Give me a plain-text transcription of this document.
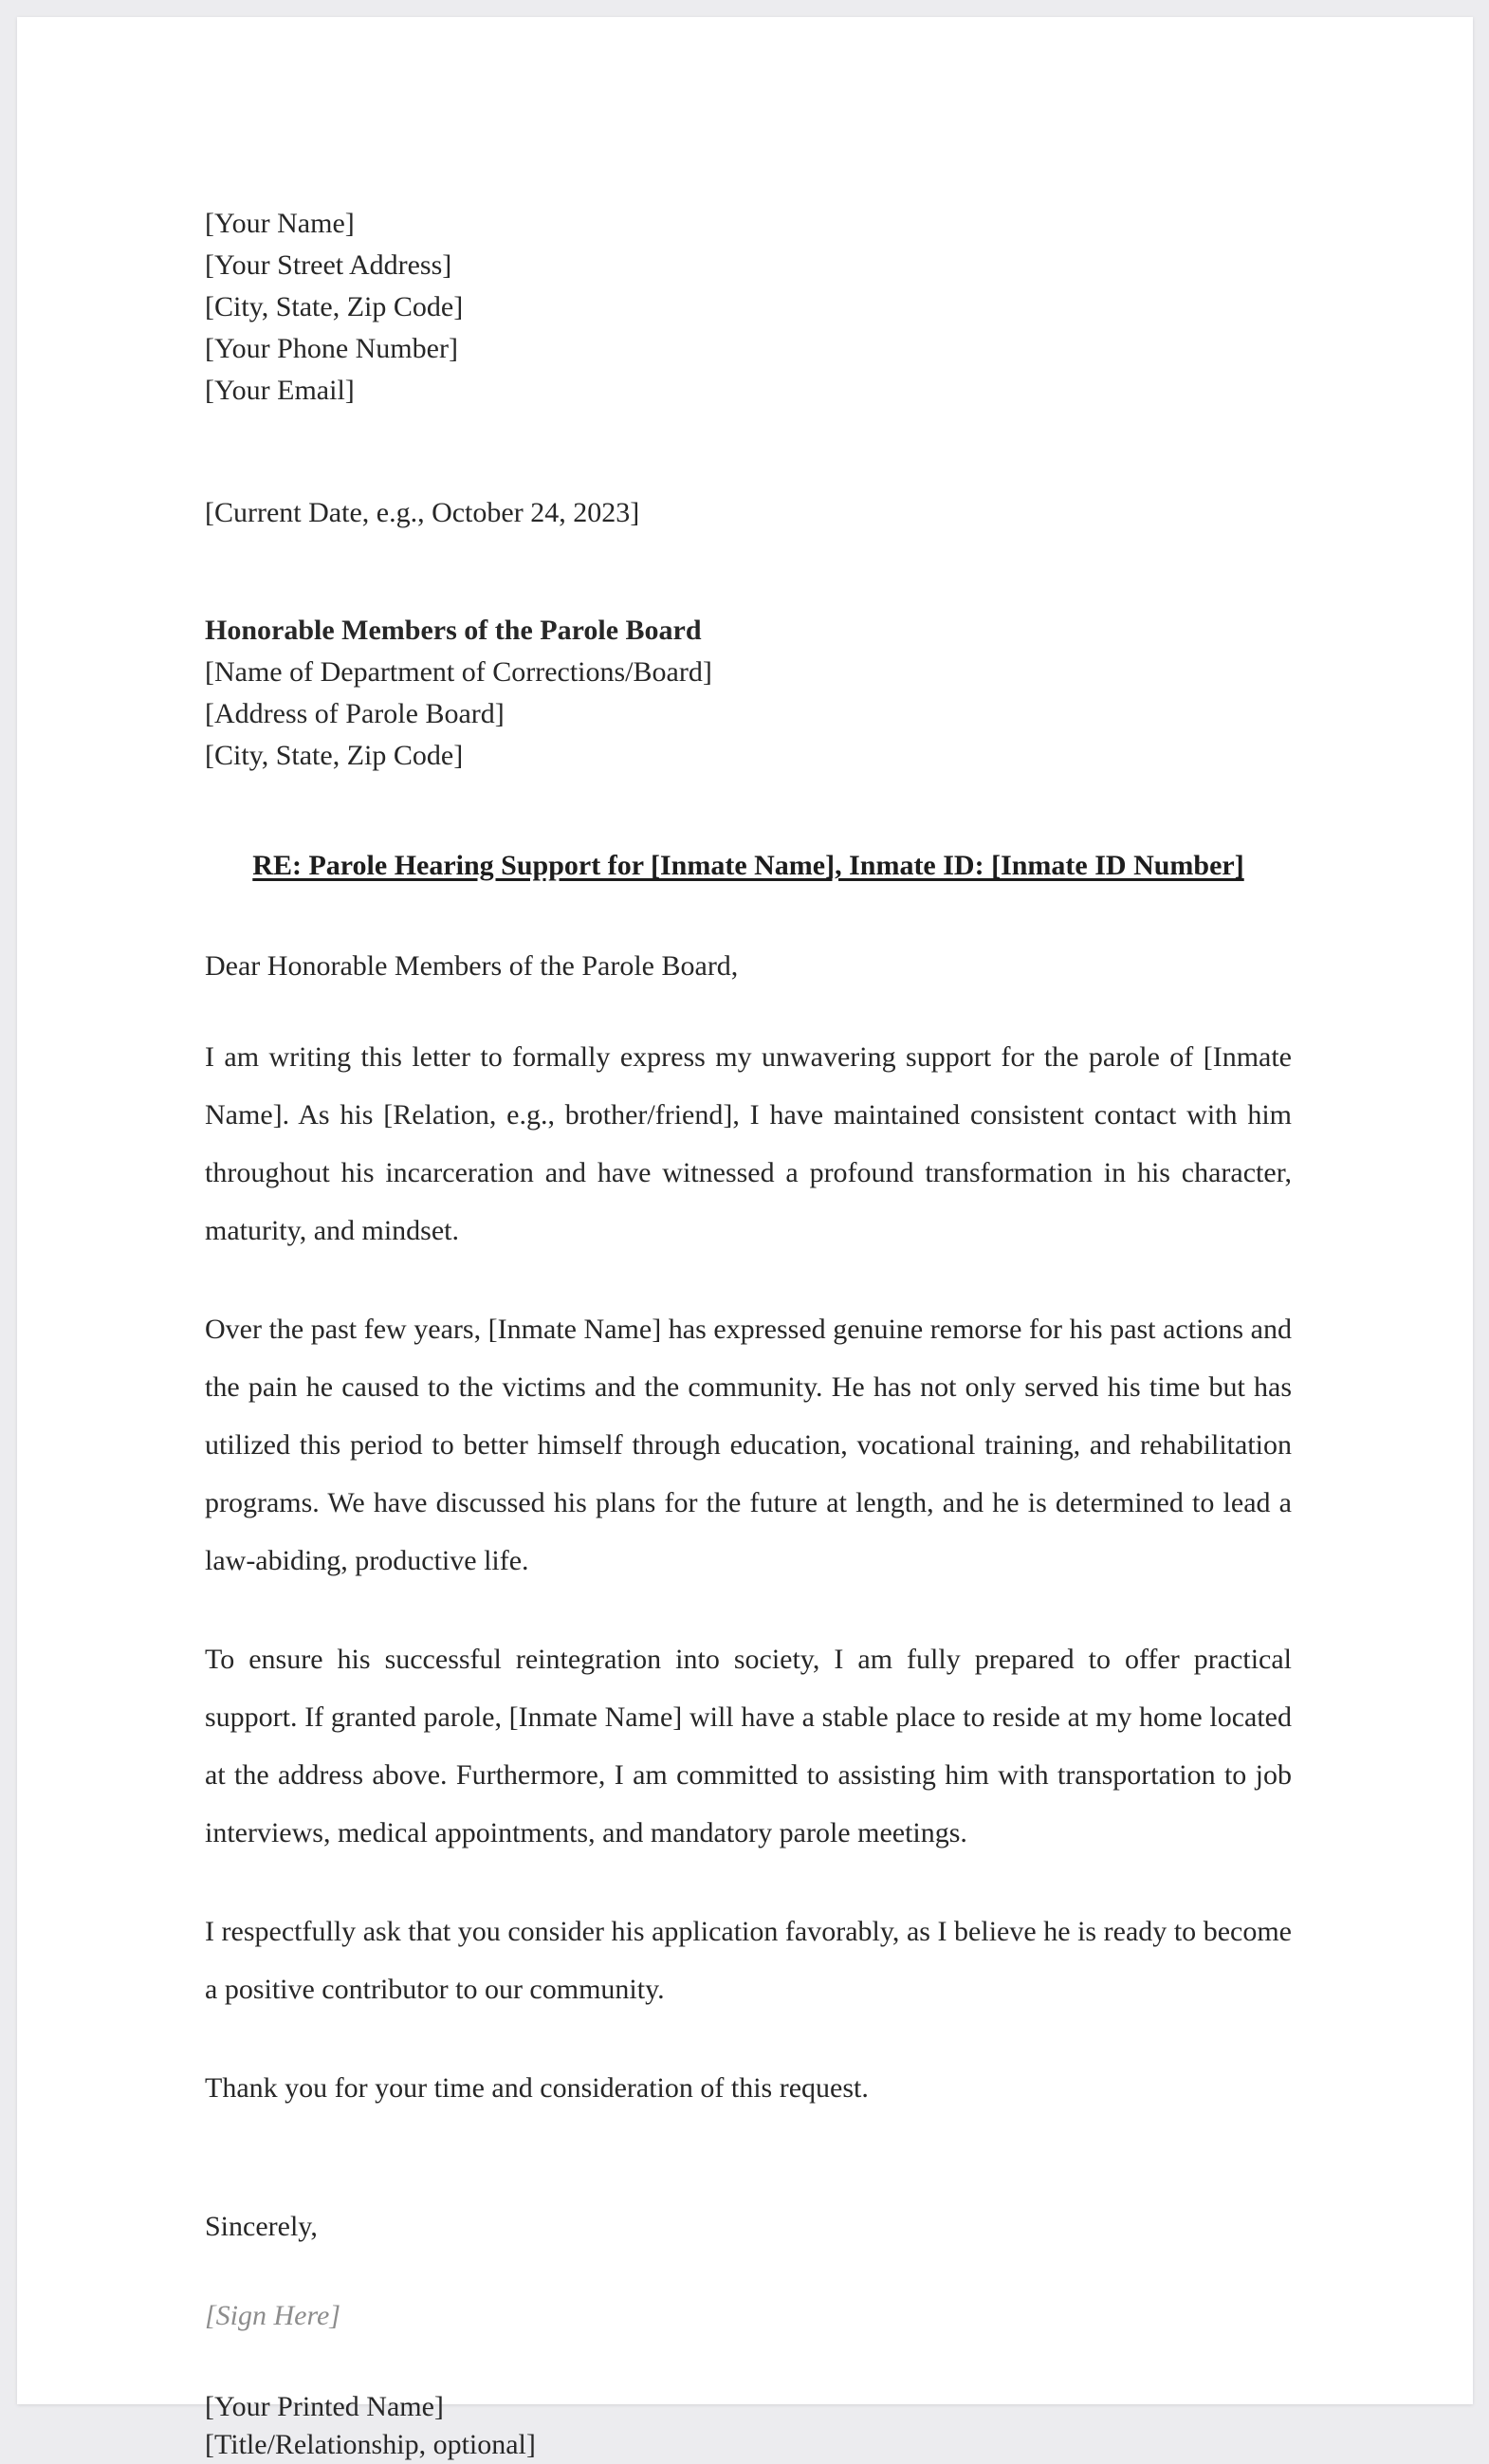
[Your Name]
[Your Street Address]
[City, State, Zip Code]
[Your Phone Number]
[Your Email]
[Current Date, e.g., October 24, 2023]
Honorable Members of the Parole Board
[Name of Department of Corrections/Board]
[Address of Parole Board]
[City, State, Zip Code]
RE: Parole Hearing Support for [Inmate Name], Inmate ID: [Inmate ID Number]
Dear Honorable Members of the Parole Board,
I am writing this letter to formally express my unwavering support for the parole of [Inmate Name]. As his [Relation, e.g., brother/friend], I have maintained consistent contact with him throughout his incarceration and have witnessed a profound transformation in his character, maturity, and mindset.
Over the past few years, [Inmate Name] has expressed genuine remorse for his past actions and the pain he caused to the victims and the community. He has not only served his time but has utilized this period to better himself through education, vocational training, and rehabilitation programs. We have discussed his plans for the future at length, and he is determined to lead a law-abiding, productive life.
To ensure his successful reintegration into society, I am fully prepared to offer practical support. If granted parole, [Inmate Name] will have a stable place to reside at my home located at the address above. Furthermore, I am committed to assisting him with transportation to job interviews, medical appointments, and mandatory parole meetings.
I respectfully ask that you consider his application favorably, as I believe he is ready to become a positive contributor to our community.
Thank you for your time and consideration of this request.
Sincerely,
[Sign Here]
[Your Printed Name]
[Title/Relationship, optional]
